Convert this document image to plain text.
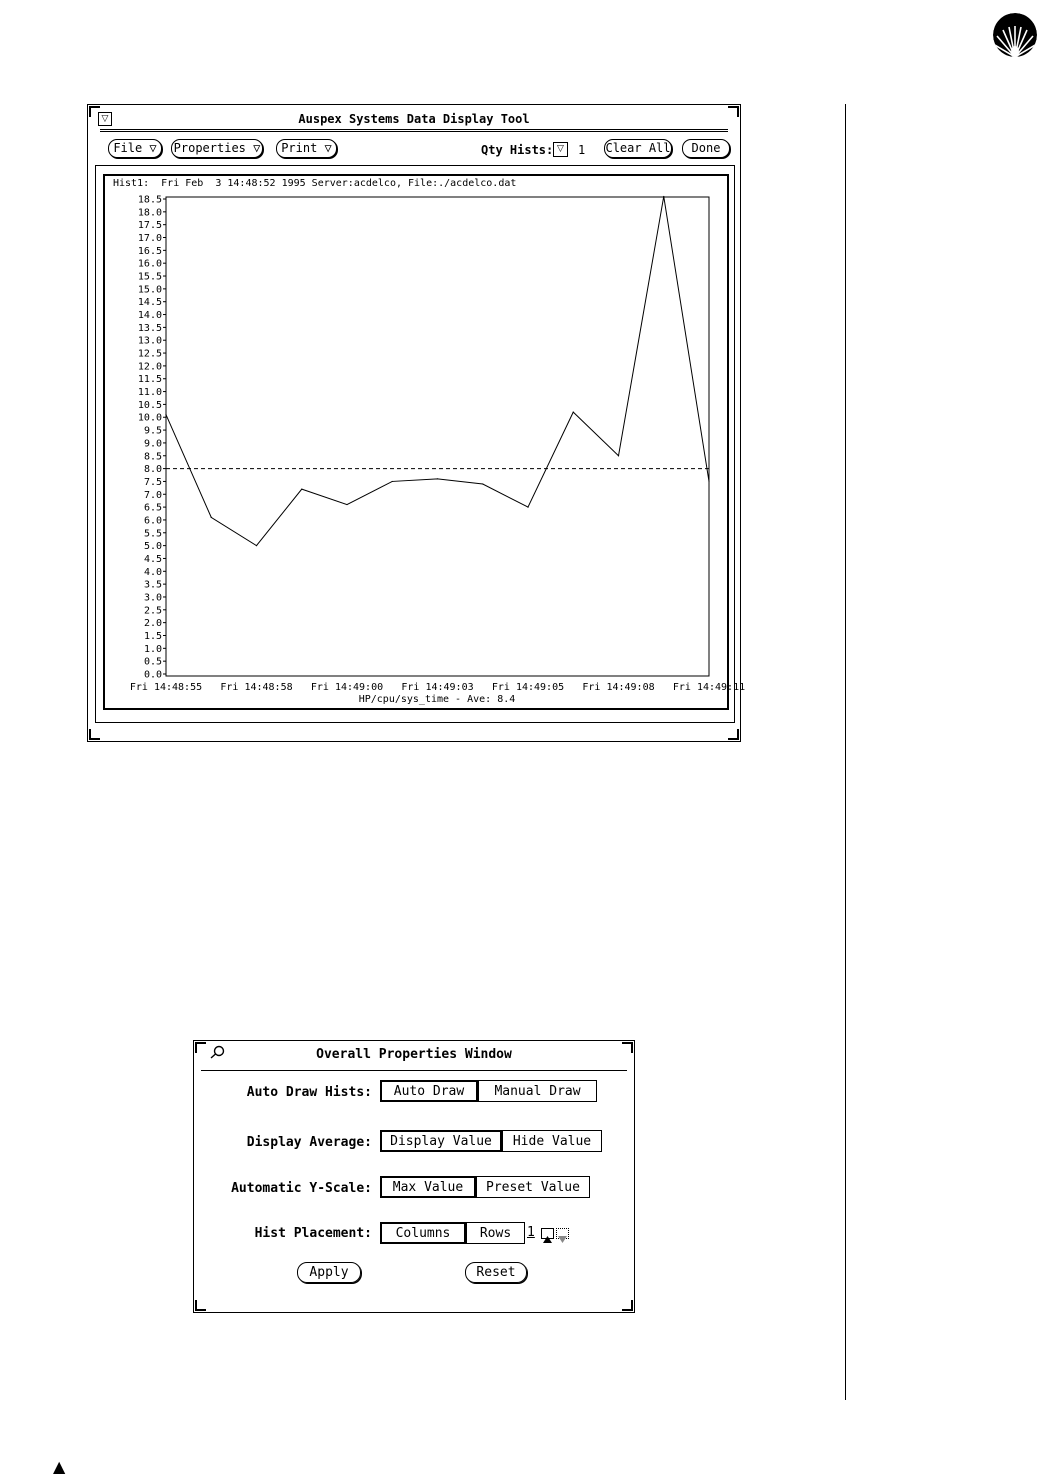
▽	Auspex Systems Data Display Tool
File ▽	Properties ▽	Print ▽	Qty Hists: ▽	1 Clear All	Done
Hist1:  Fri Feb  3 14:48:52 1995 Server:acdelco, File:./acdelco.dat
0.0
0.5
1.0
1.5
2.0
2.5
3.0
3.5
4.0
4.5
5.0
5.5
6.0
6.5
7.0
7.5
8.0
8.5
9.0
9.5
10.0
10.5
11.0
11.5
12.0
12.5
13.0
13.5
14.0
14.5
15.0
15.5
16.0
16.5
17.0
17.5
18.0
18.5
Fri 14:48:55 Fri 14:48:58 Fri 14:49:00 Fri 14:49:03 Fri 14:49:05 Fri 14:49:08 Fri 14:49:11
HP/cpu/sys_time - Ave: 8.4
Overall Properties Window
Auto Draw Hists:	Auto Draw	Manual Draw
Display Average:	Display Value	Hide Value
Automatic Y-Scale:	Max Value	Preset Value
Hist Placement:	Columns	Rows	1
Apply	Reset
▲
